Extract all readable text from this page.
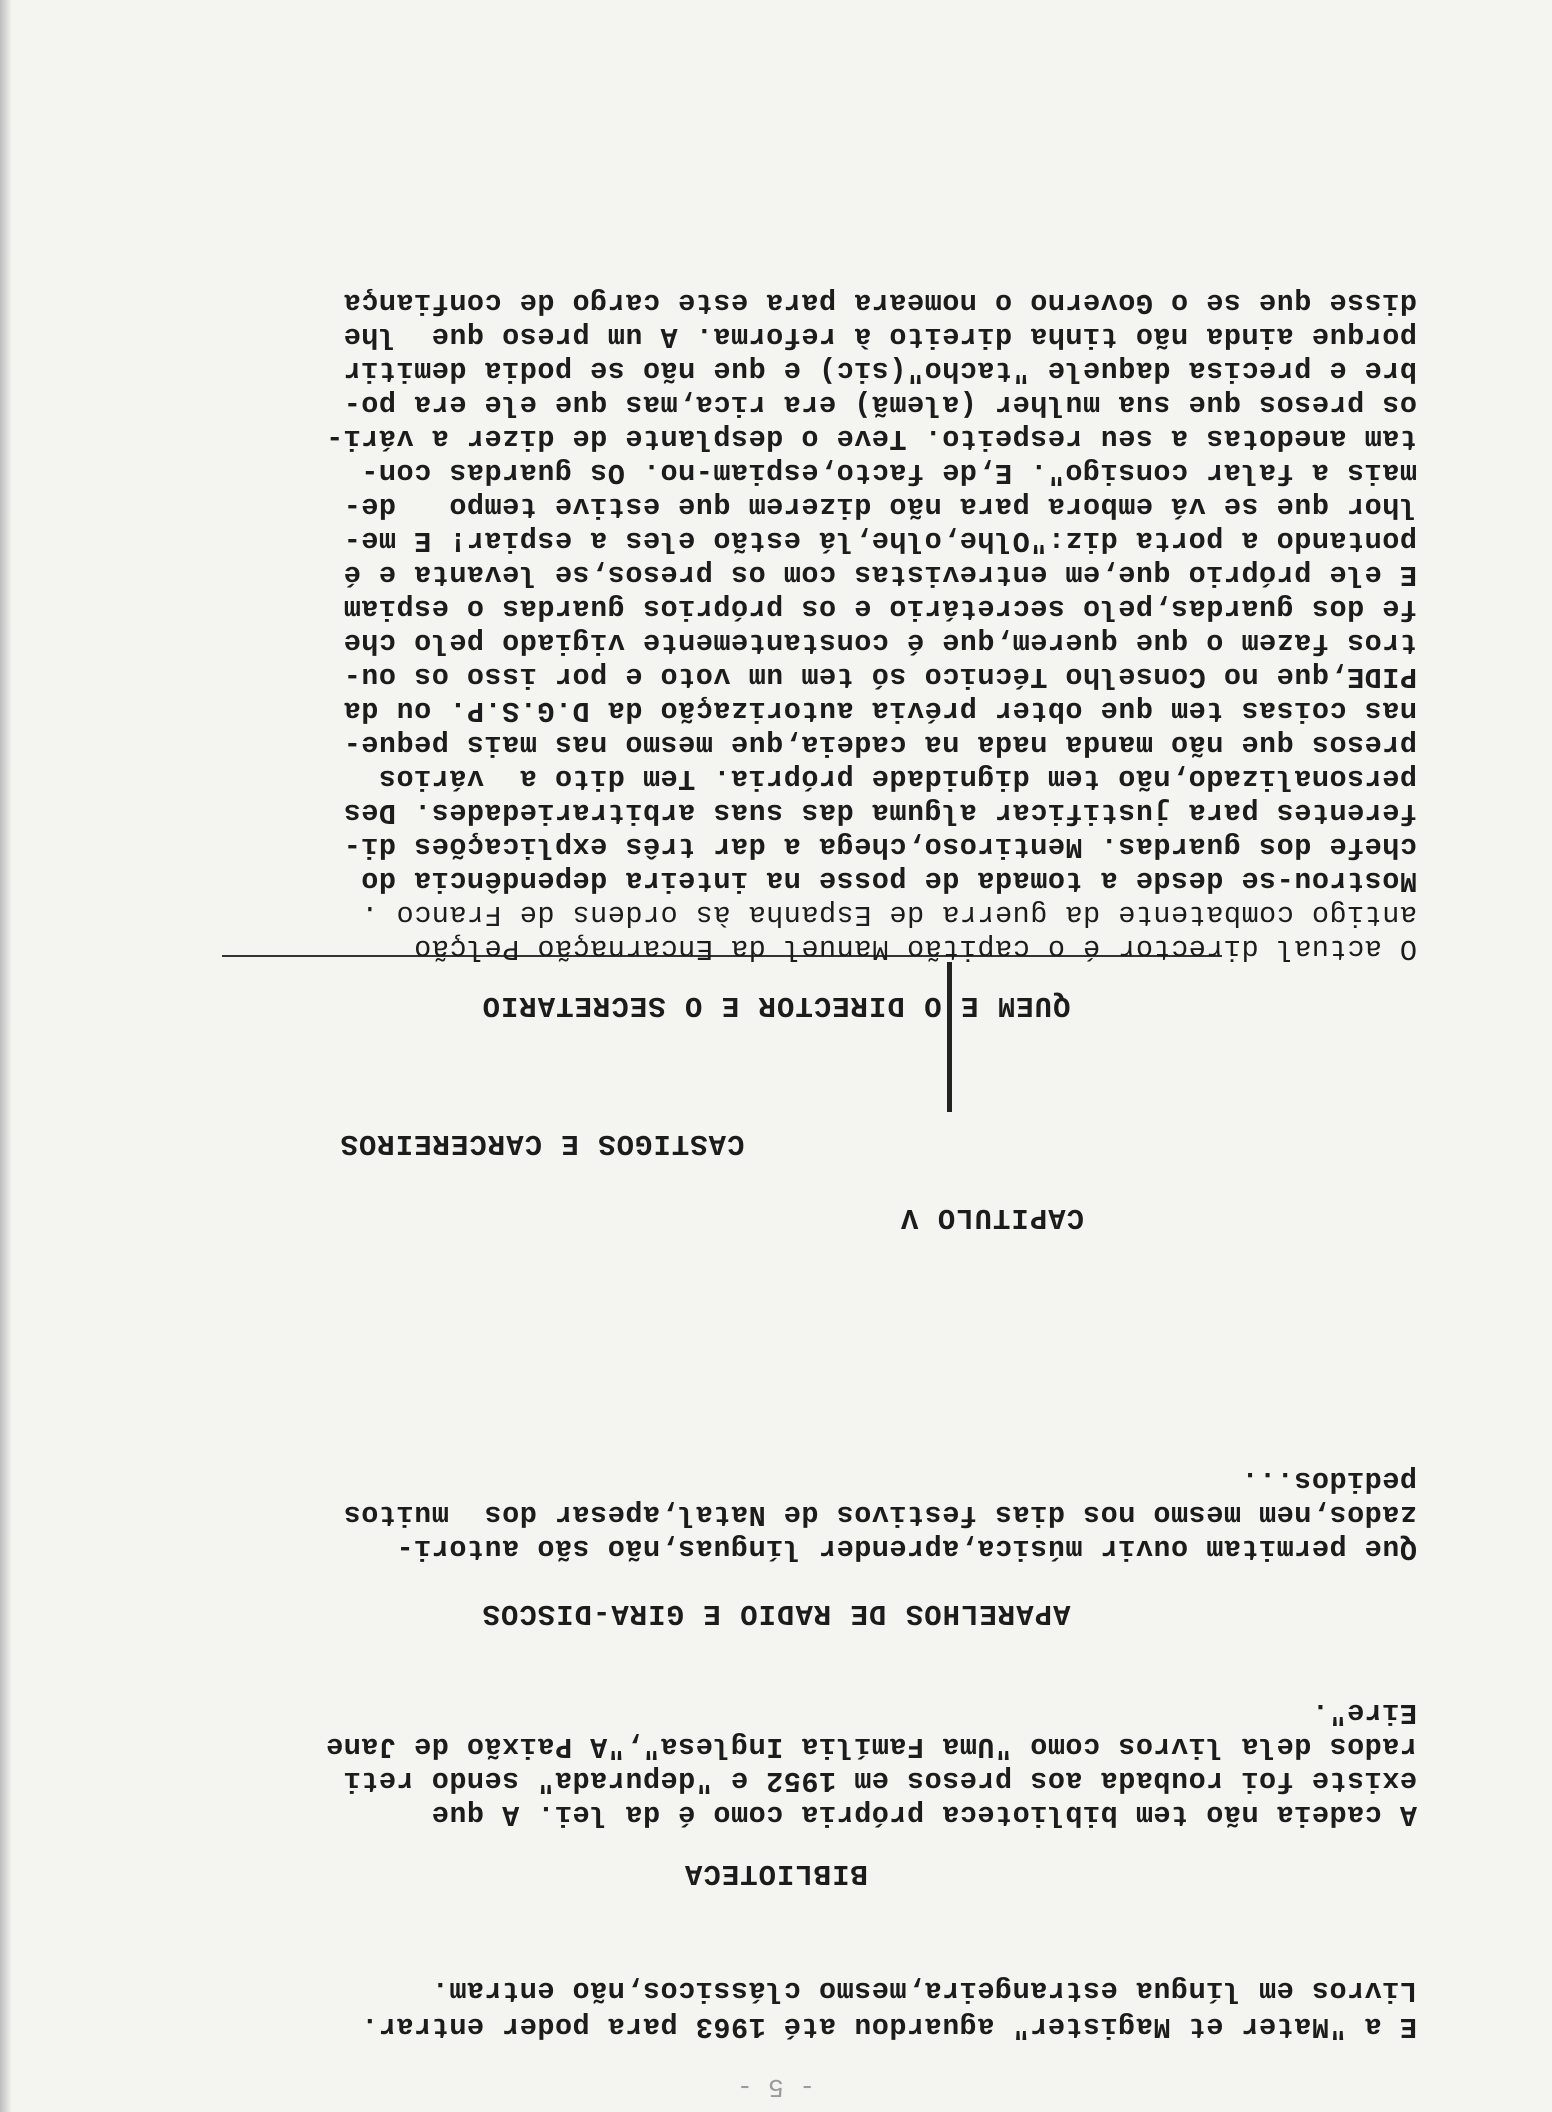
E a "Mater et Magister" aguardou até 1963 para poder entrar.
Livros em língua estrangeira,mesmo clássicos,não entram.
BIBLIOTECA
A cadeia não tem biblioteca própria como é da lei. A que
existe foi roubada aos presos em 1952 e "depurada" sendo reti
rados dela livros como "Uma Família Inglesa","A Paixão de Jane
Eire".
APARELHOS DE RADIO E GIRA-DISCOS
Que permitam ouvir música,aprender línguas,não são autori-
zados,nem mesmo nos dias festivos de Natal,apesar dos  muitos
pedidos...
CAPITULO V
CASTIGOS E CARCEREIROS
QUEM E O DIRECTOR E O SECRETARIO
O actual director é o capitão Manuel da Encarnação Pelção
antigo combatente da guerra de Espanha às ordens de Franco .
Mostrou-se desde a tomada de posse na inteira dependência do
chefe dos guardas. Mentiroso,chega a dar três explicações di-
ferentes para justificar alguma das suas arbitrariedades. Des
personalizado,não tem dignidade própria. Tem dito a  vários
presos que não manda nada na cadeia,que mesmo nas mais peque-
nas coisas tem que obter prévia autorização da D.G.S.P. ou da
PIDE,que no Conselho Técnico só tem um voto e por isso os ou-
tros fazem o que querem,que é constantemente vigiado pelo che
fe dos guardas,pelo secretário e os próprios guardas o espiam
E ele próprio que,em entrevistas com os presos,se levanta e é
pontando a porta diz:"Olhe,olhe,lá estão eles a espiar! E me-
lhor que se vá embora para não dizerem que estive tempo   de-
mais a falar consigo". E,de facto,espiam-no. Os guardas con-
tam anedotas a seu respeito. Teve o desplante de dizer a vári-
os presos que sua mulher (alemã) era rica,mas que ele era po-
bre e precisa daquele "tacho"(sic) e que não se podia demitir
porque ainda não tinha direito à reforma. A um preso que  lhe
disse que se o Governo o nomeara para este cargo de confiança
- 5 -
